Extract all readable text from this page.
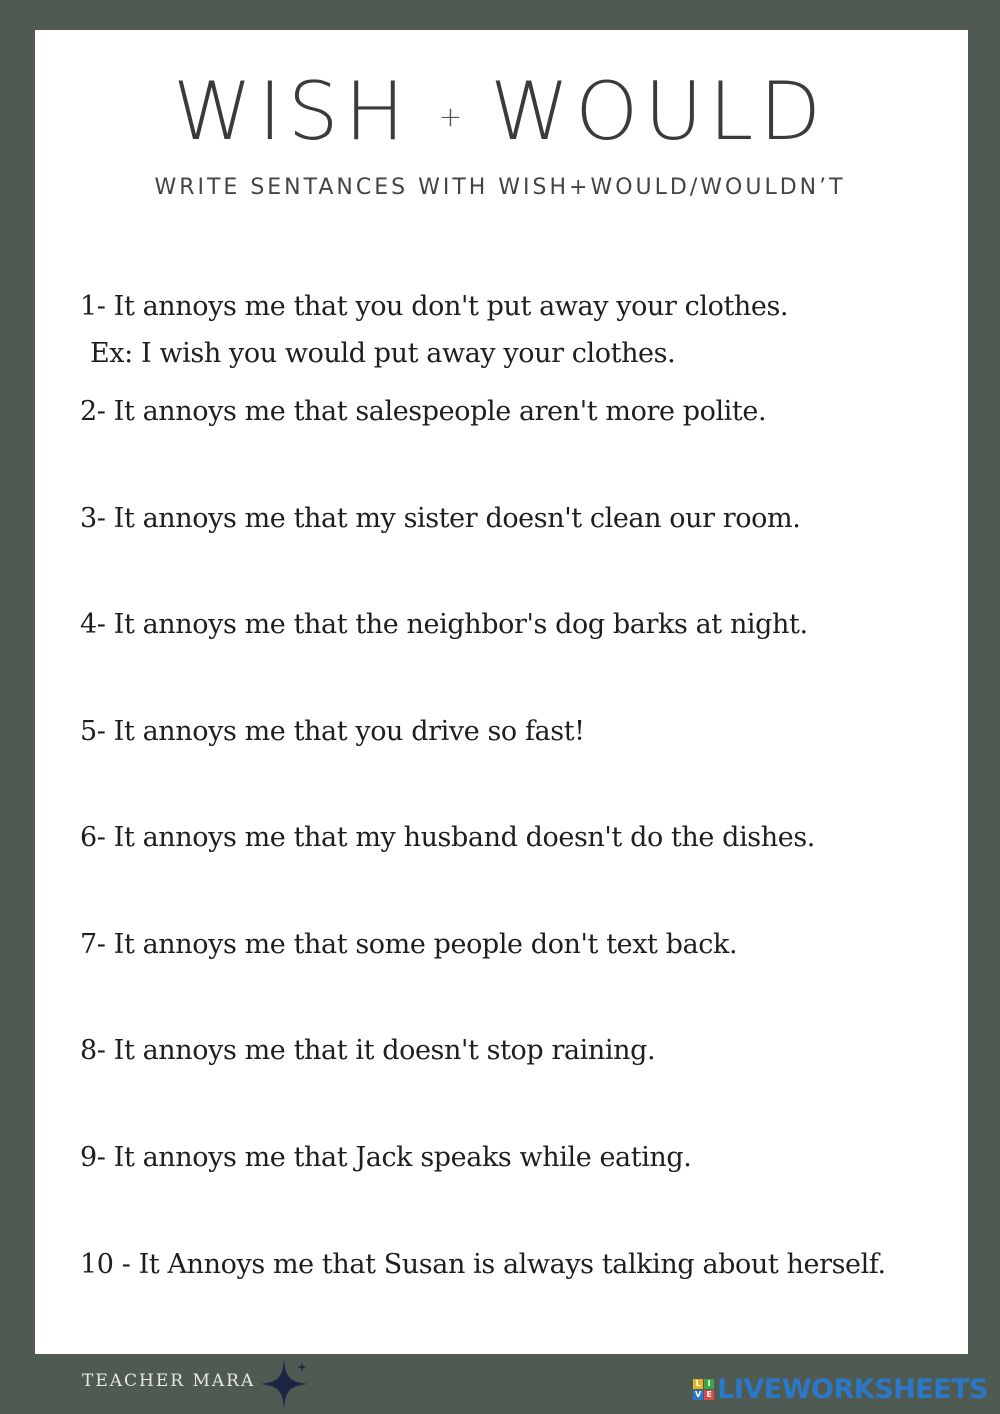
WISH + WOULD
WRITE SENTANCES WITH WISH+WOULD/WOULDN’T
1- It annoys me that you don't put away your clothes.
Ex: I wish you would put away your clothes.
2- It annoys me that salespeople aren't more polite.
3- It annoys me that my sister doesn't clean our room.
4- It annoys me that the neighbor's dog barks at night.
5- It annoys me that you drive so fast!
6- It annoys me that my husband doesn't do the dishes.
7- It annoys me that some people don't text back.
8- It annoys me that it doesn't stop raining.
9- It annoys me that Jack speaks while eating.
10 - It Annoys me that Susan is always talking about herself.
TEACHER MARA	L I
V E LIVEWORKSHEETS
